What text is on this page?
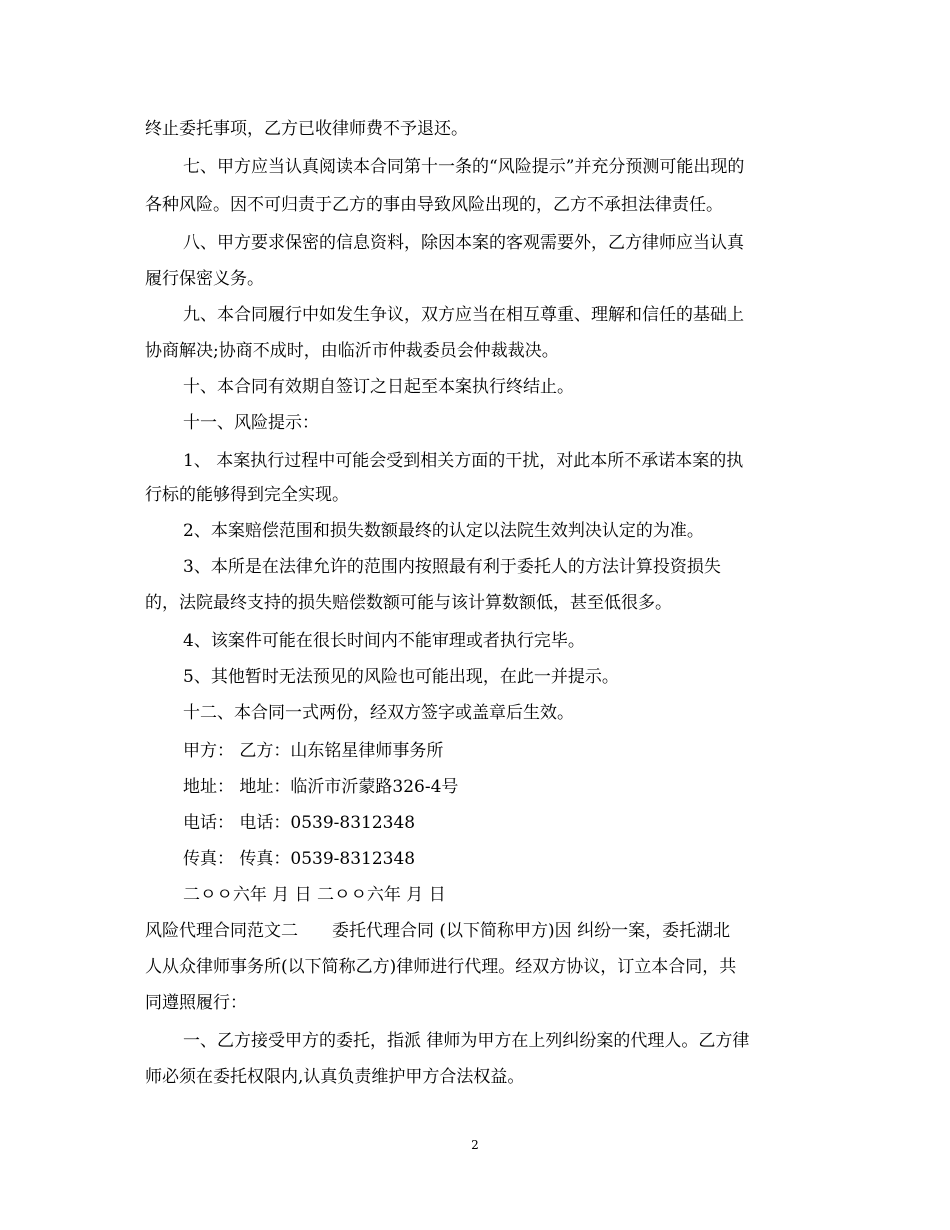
终止委托事项，乙方已收律师费不予退还。
七、甲方应当认真阅读本合同第十一条的“风险提示”并充分预测可能出现的
各种风险。因不可归责于乙方的事由导致风险出现的，乙方不承担法律责任。
八、甲方要求保密的信息资料，除因本案的客观需要外，乙方律师应当认真
履行保密义务。
九、本合同履行中如发生争议，双方应当在相互尊重、理解和信任的基础上
协商解决;协商不成时，由临沂市仲裁委员会仲裁裁决。
十、本合同有效期自签订之日起至本案执行终结止。
十一、风险提示：
1、 本案执行过程中可能会受到相关方面的干扰，对此本所不承诺本案的执
行标的能够得到完全实现。
2、本案赔偿范围和损失数额最终的认定以法院生效判决认定的为准。
3、本所是在法律允许的范围内按照最有利于委托人的方法计算投资损失
的，法院最终支持的损失赔偿数额可能与该计算数额低，甚至低很多。
4、该案件可能在很长时间内不能审理或者执行完毕。
5、其他暂时无法预见的风险也可能出现，在此一并提示。
十二、本合同一式两份，经双方签字或盖章后生效。
甲方： 乙方：山东铭星律师事务所
地址： 地址：临沂市沂蒙路326-4号
电话： 电话：0539-8312348
传真： 传真：0539-8312348
二ㅇㅇ六年 月 日 二ㅇㅇ六年 月 日
风险代理合同范文二　　委托代理合同 (以下简称甲方)因 纠纷一案，委托湖北
人从众律师事务所(以下简称乙方)律师进行代理。经双方协议，订立本合同，共
同遵照履行：
一、乙方接受甲方的委托，指派 律师为甲方在上列纠纷案的代理人。乙方律
师必须在委托权限内,认真负责维护甲方合法权益。
2
